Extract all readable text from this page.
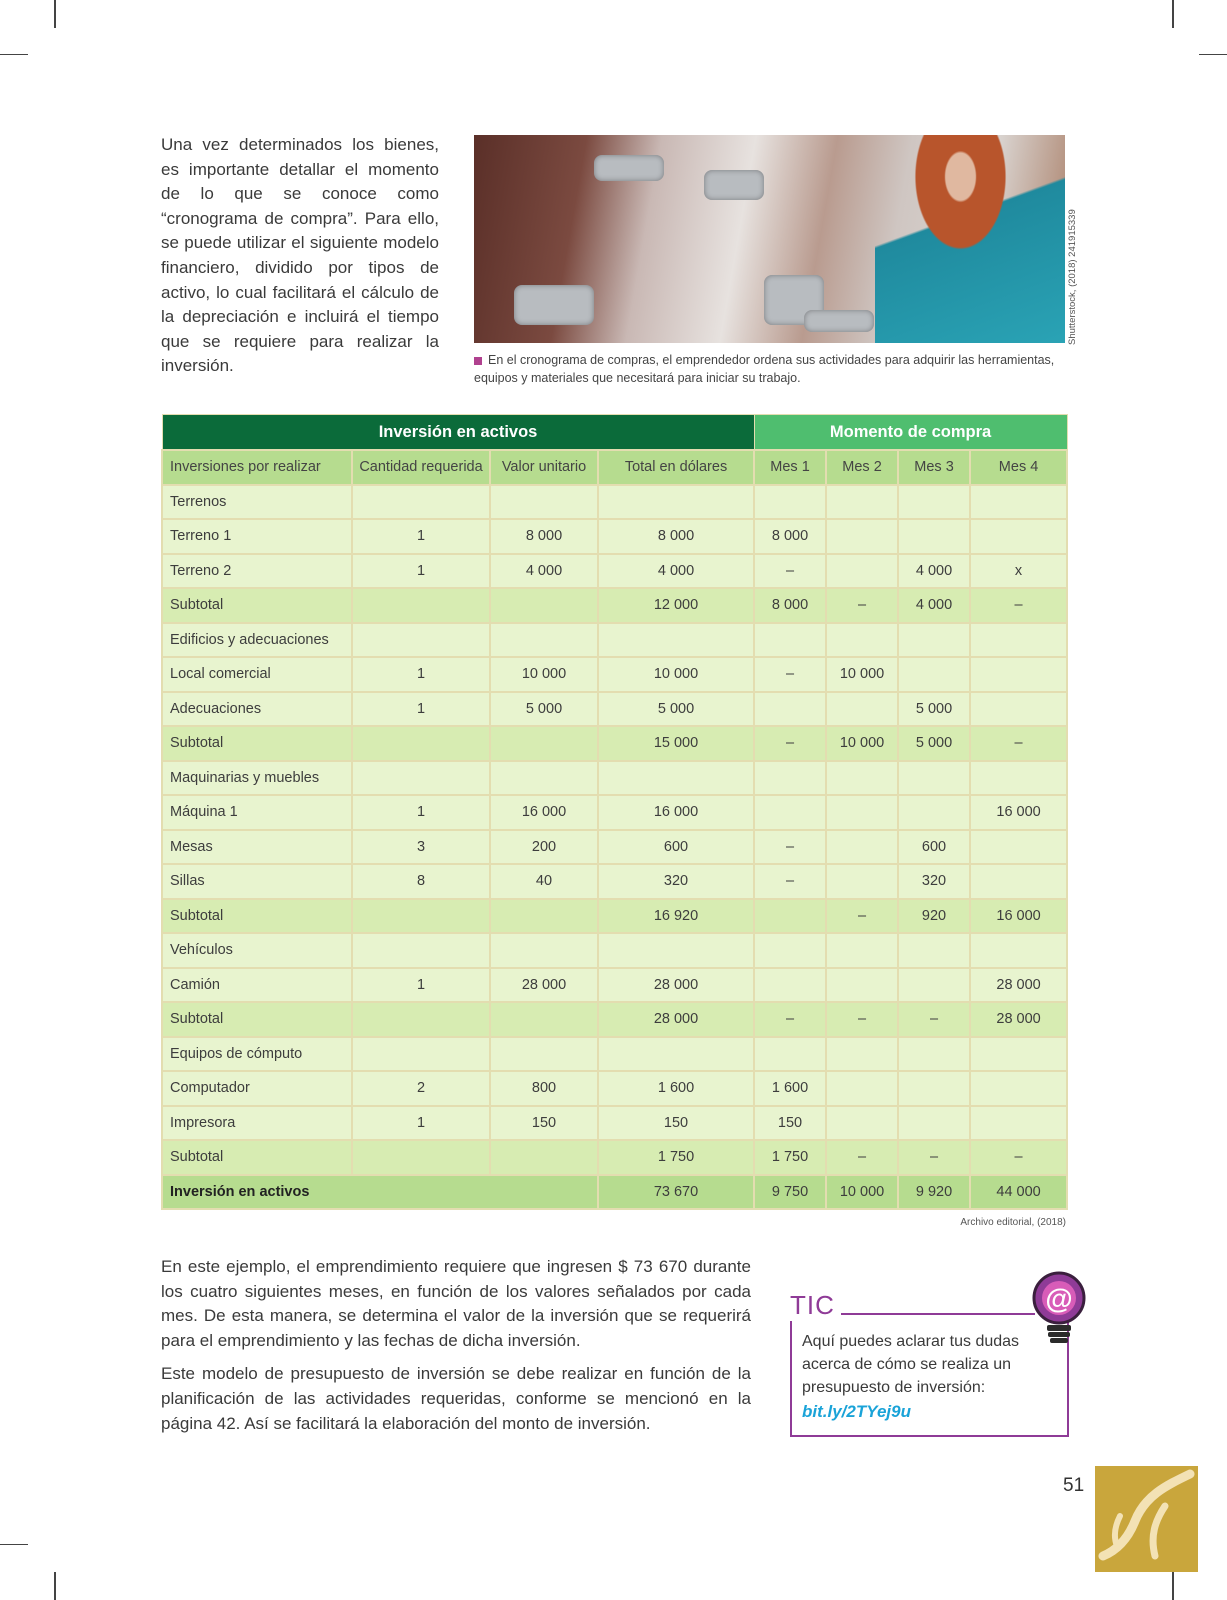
Una vez determinados los bienes, es importante detallar el momento de lo que se conoce como “cronograma de compra”. Para ello, se puede utilizar el siguiente modelo financiero, dividido por tipos de activo, lo cual facilitará el cálculo de la depreciación e incluirá el tiempo que se requiere para realizar la inversión.
Shutterstock, (2018) 241915339
En el cronograma de compras, el emprendedor ordena sus actividades para adquirir las herramientas, equipos y materiales que necesitará para iniciar su trabajo.
Inversión en activos				Momento de compra			
Inversiones por realizar	Cantidad requerida	Valor unitario	Total en dólares	Mes 1	Mes 2	Mes 3	Mes 4
Terrenos							
Terreno 1	1	8 000	8 000	8 000			
Terreno 2	1	4 000	4 000	–		4 000	x
Subtotal			12 000	8 000	–	4 000	–
Edificios y adecuaciones							
Local comercial	1	10 000	10 000	–	10 000		
Adecuaciones	1	5 000	5 000			5 000	
Subtotal			15 000	–	10 000	5 000	–
Maquinarias y muebles							
Máquina 1	1	16 000	16 000				16 000
Mesas	3	200	600	–		600	
Sillas	8	40	320	–		320	
Subtotal			16 920		–	920	16 000
Vehículos							
Camión	1	28 000	28 000				28 000
Subtotal			28 000	–	–	–	28 000
Equipos de cómputo							
Computador	2	800	1 600	1 600			
Impresora	1	150	150	150			
Subtotal			1 750	1 750	–	–	–
Inversión en activos			73 670	9 750	10 000	9 920	44 000
Archivo editorial, (2018)

En este ejemplo, el emprendimiento requiere que ingresen $ 73 670 durante los cuatro siguientes meses, en función de los valores señalados por cada mes. De esta manera, se determina el valor de la inversión que se requerirá para el emprendimiento y las fechas de dicha inversión.

Este modelo de presupuesto de inversión se debe realizar en función de la planificación de las actividades requeridas, conforme se mencionó en la página 42. Así se facilitará la elaboración del monto de inversión.

TIC	@
Aquí puedes aclarar tus dudas acerca de cómo se realiza un presupuesto de inversión:
bit.ly/2TYej9u
51
